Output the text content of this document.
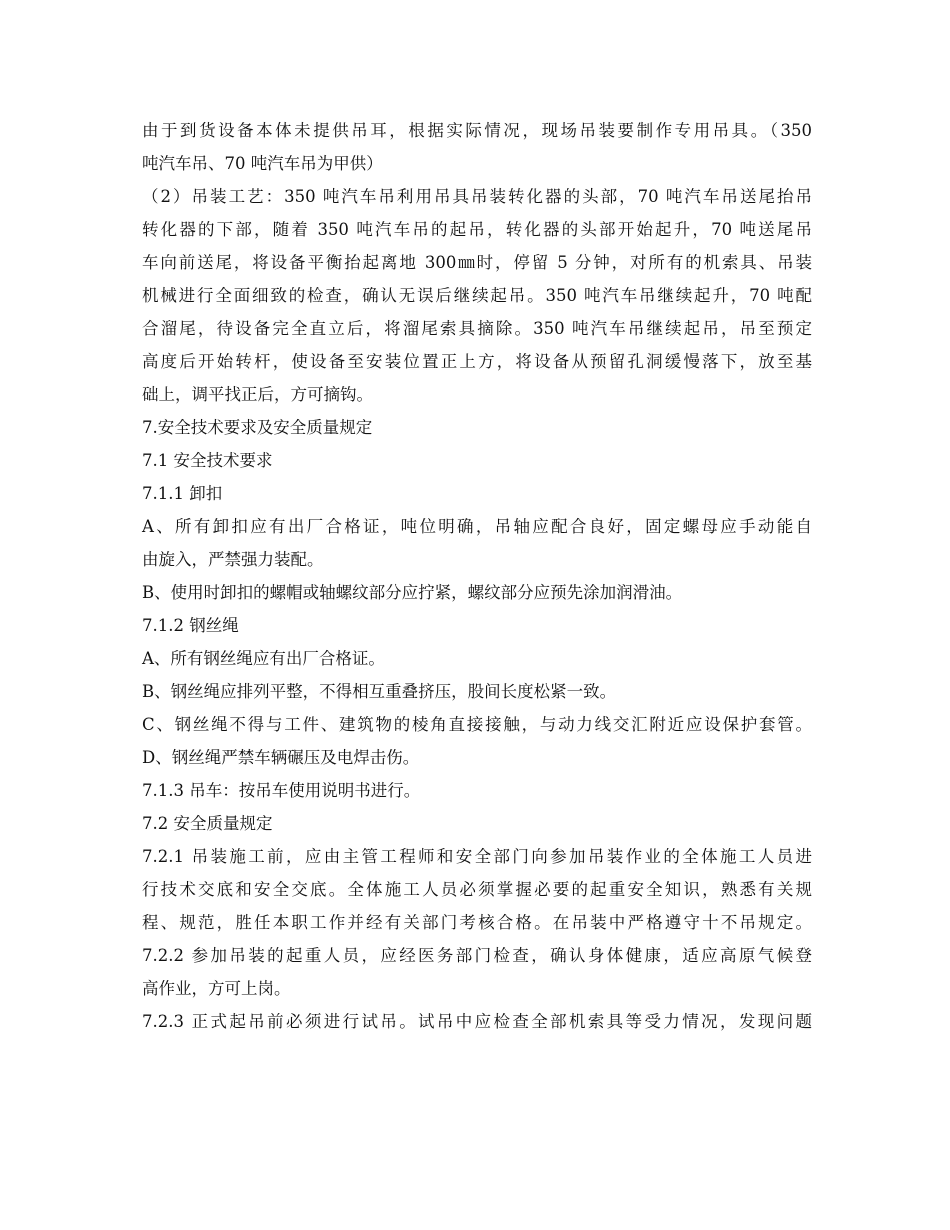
由于到货设备本体未提供吊耳，根据实际情况，现场吊装要制作专用吊具。（350
吨汽车吊、70 吨汽车吊为甲供）
（2）吊装工艺：350 吨汽车吊利用吊具吊装转化器的头部，70 吨汽车吊送尾抬吊
转化器的下部，随着 350 吨汽车吊的起吊，转化器的头部开始起升，70 吨送尾吊
车向前送尾，将设备平衡抬起离地 300㎜时，停留 5 分钟，对所有的机索具、吊装
机械进行全面细致的检查，确认无误后继续起吊。350 吨汽车吊继续起升，70 吨配
合溜尾，待设备完全直立后，将溜尾索具摘除。350 吨汽车吊继续起吊，吊至预定
高度后开始转杆，使设备至安装位置正上方，将设备从预留孔洞缓慢落下，放至基
础上，调平找正后，方可摘钩。
7.安全技术要求及安全质量规定
7.1 安全技术要求
7.1.1 卸扣
A、所有卸扣应有出厂合格证，吨位明确，吊轴应配合良好，固定螺母应手动能自
由旋入，严禁强力装配。
B、使用时卸扣的螺帽或轴螺纹部分应拧紧，螺纹部分应预先涂加润滑油。
7.1.2 钢丝绳
A、所有钢丝绳应有出厂合格证。
B、钢丝绳应排列平整，不得相互重叠挤压，股间长度松紧一致。
C、钢丝绳不得与工件、建筑物的棱角直接接触，与动力线交汇附近应设保护套管。
D、钢丝绳严禁车辆碾压及电焊击伤。
7.1.3 吊车：按吊车使用说明书进行。
7.2 安全质量规定
7.2.1 吊装施工前，应由主管工程师和安全部门向参加吊装作业的全体施工人员进
行技术交底和安全交底。全体施工人员必须掌握必要的起重安全知识，熟悉有关规
程、规范，胜任本职工作并经有关部门考核合格。在吊装中严格遵守十不吊规定。
7.2.2 参加吊装的起重人员，应经医务部门检查，确认身体健康，适应高原气候登
高作业，方可上岗。
7.2.3 正式起吊前必须进行试吊。试吊中应检查全部机索具等受力情况，发现问题
